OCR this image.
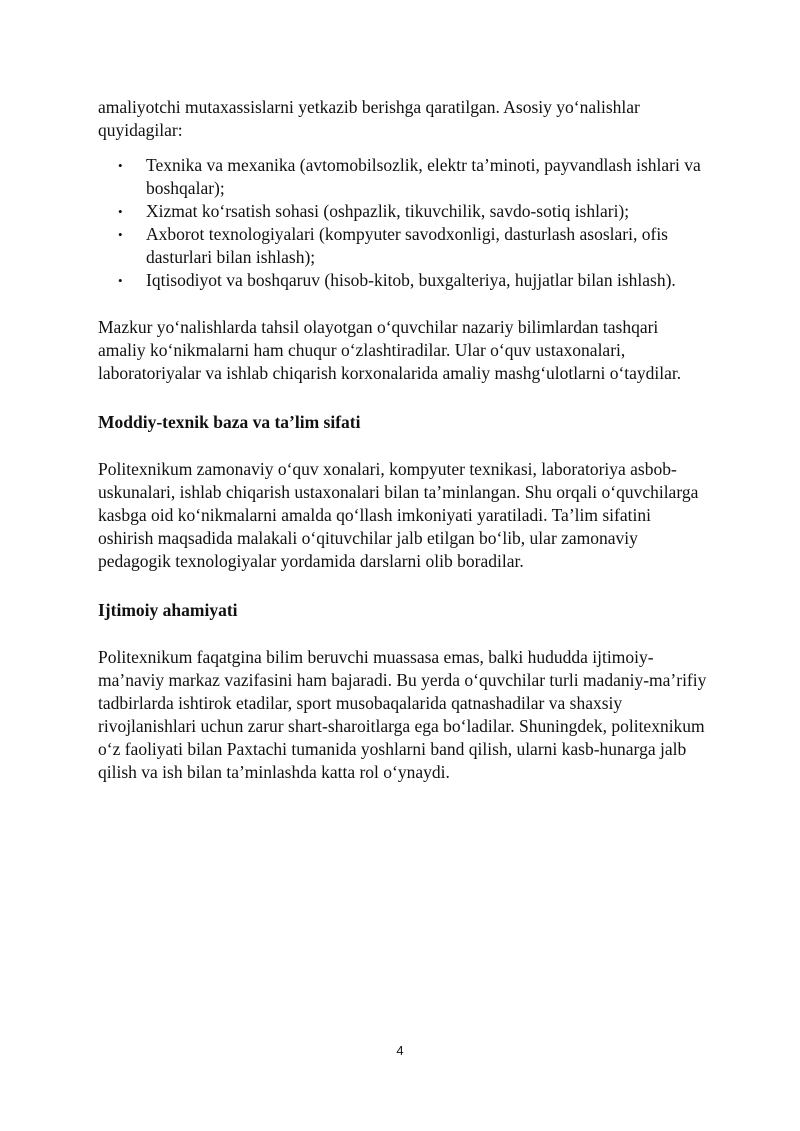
amaliyotchi mutaxassislarni yetkazib berishga qaratilgan. Asosiy yo‘nalishlar quyidagilar:

• Texnika va mexanika (avtomobilsozlik, elektr ta’minoti, payvandlash ishlari va boshqalar);
• Xizmat ko‘rsatish sohasi (oshpazlik, tikuvchilik, savdo-sotiq ishlari);
• Axborot texnologiyalari (kompyuter savodxonligi, dasturlash asoslari, ofis dasturlari bilan ishlash);
• Iqtisodiyot va boshqaruv (hisob-kitob, buxgalteriya, hujjatlar bilan ishlash).

Mazkur yo‘nalishlarda tahsil olayotgan o‘quvchilar nazariy bilimlardan tashqari amaliy ko‘nikmalarni ham chuqur o‘zlashtiradilar. Ular o‘quv ustaxonalari, laboratoriyalar va ishlab chiqarish korxonalarida amaliy mashg‘ulotlarni o‘taydilar.

Moddiy-texnik baza va ta’lim sifati

Politexnikum zamonaviy o‘quv xonalari, kompyuter texnikasi, laboratoriya asbob-uskunalari, ishlab chiqarish ustaxonalari bilan ta’minlangan. Shu orqali o‘quvchilarga kasbga oid ko‘nikmalarni amalda qo‘llash imkoniyati yaratiladi. Ta’lim sifatini oshirish maqsadida malakali o‘qituvchilar jalb etilgan bo‘lib, ular zamonaviy pedagogik texnologiyalar yordamida darslarni olib boradilar.

Ijtimoiy ahamiyati

Politexnikum faqatgina bilim beruvchi muassasa emas, balki hududda ijtimoiy-ma’naviy markaz vazifasini ham bajaradi. Bu yerda o‘quvchilar turli madaniy-ma’rifiy tadbirlarda ishtirok etadilar, sport musobaqalarida qatnashadilar va shaxsiy rivojlanishlari uchun zarur shart-sharoitlarga ega bo‘ladilar. Shuningdek, politexnikum o‘z faoliyati bilan Paxtachi tumanida yoshlarni band qilish, ularni kasb-hunarga jalb qilish va ish bilan ta’minlashda katta rol o‘ynaydi.

4
